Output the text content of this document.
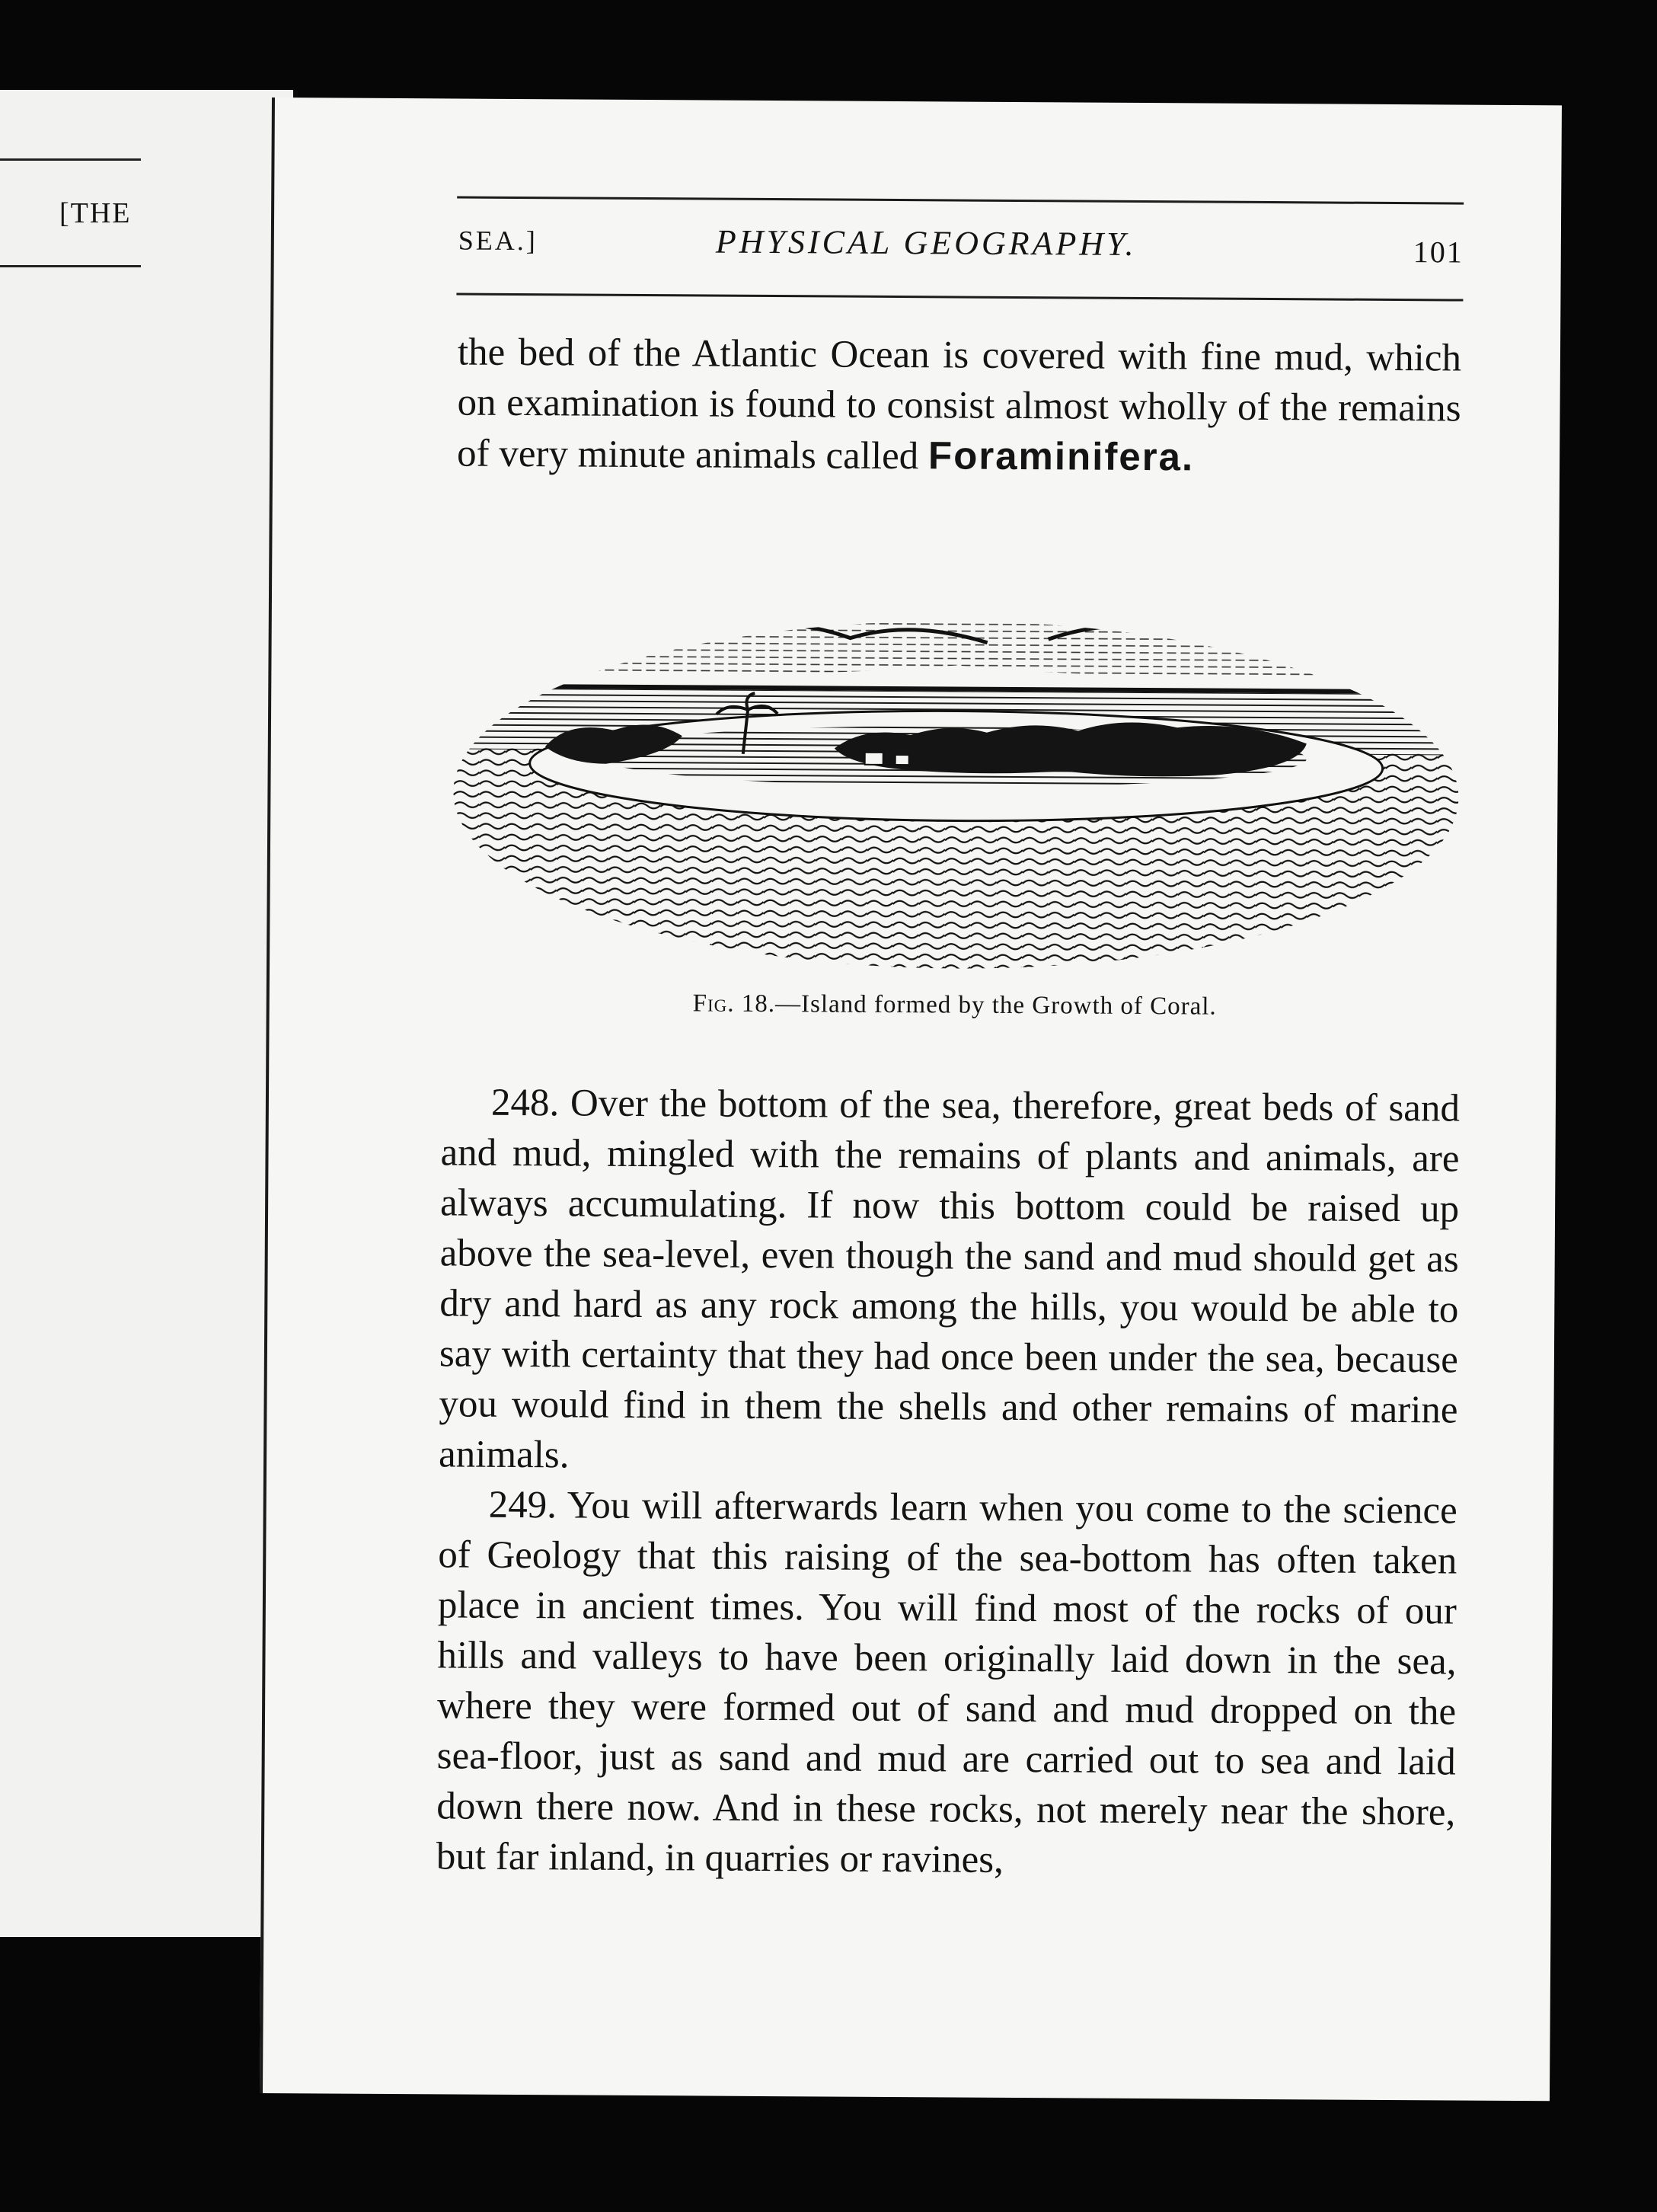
[THE
SEA.]	PHYSICAL GEOGRAPHY.	101

the bed of the Atlantic Ocean is covered with fine mud, which on examination is found to consist almost wholly of the remains of very minute animals called Foraminifera.

Fig. 18.—Island formed by the Growth of Coral.

248. Over the bottom of the sea, therefore, great beds of sand and mud, mingled with the remains of plants and animals, are always accumulating. If now this bottom could be raised up above the sea-level, even though the sand and mud should get as dry and hard as any rock among the hills, you would be able to say with certainty that they had once been under the sea, because you would find in them the shells and other remains of marine animals.

249. You will afterwards learn when you come to the science of Geology that this raising of the sea-bottom has often taken place in ancient times. You will find most of the rocks of our hills and valleys to have been originally laid down in the sea, where they were formed out of sand and mud dropped on the sea-floor, just as sand and mud are carried out to sea and laid down there now. And in these rocks, not merely near the shore, but far inland, in quarries or ravines,
